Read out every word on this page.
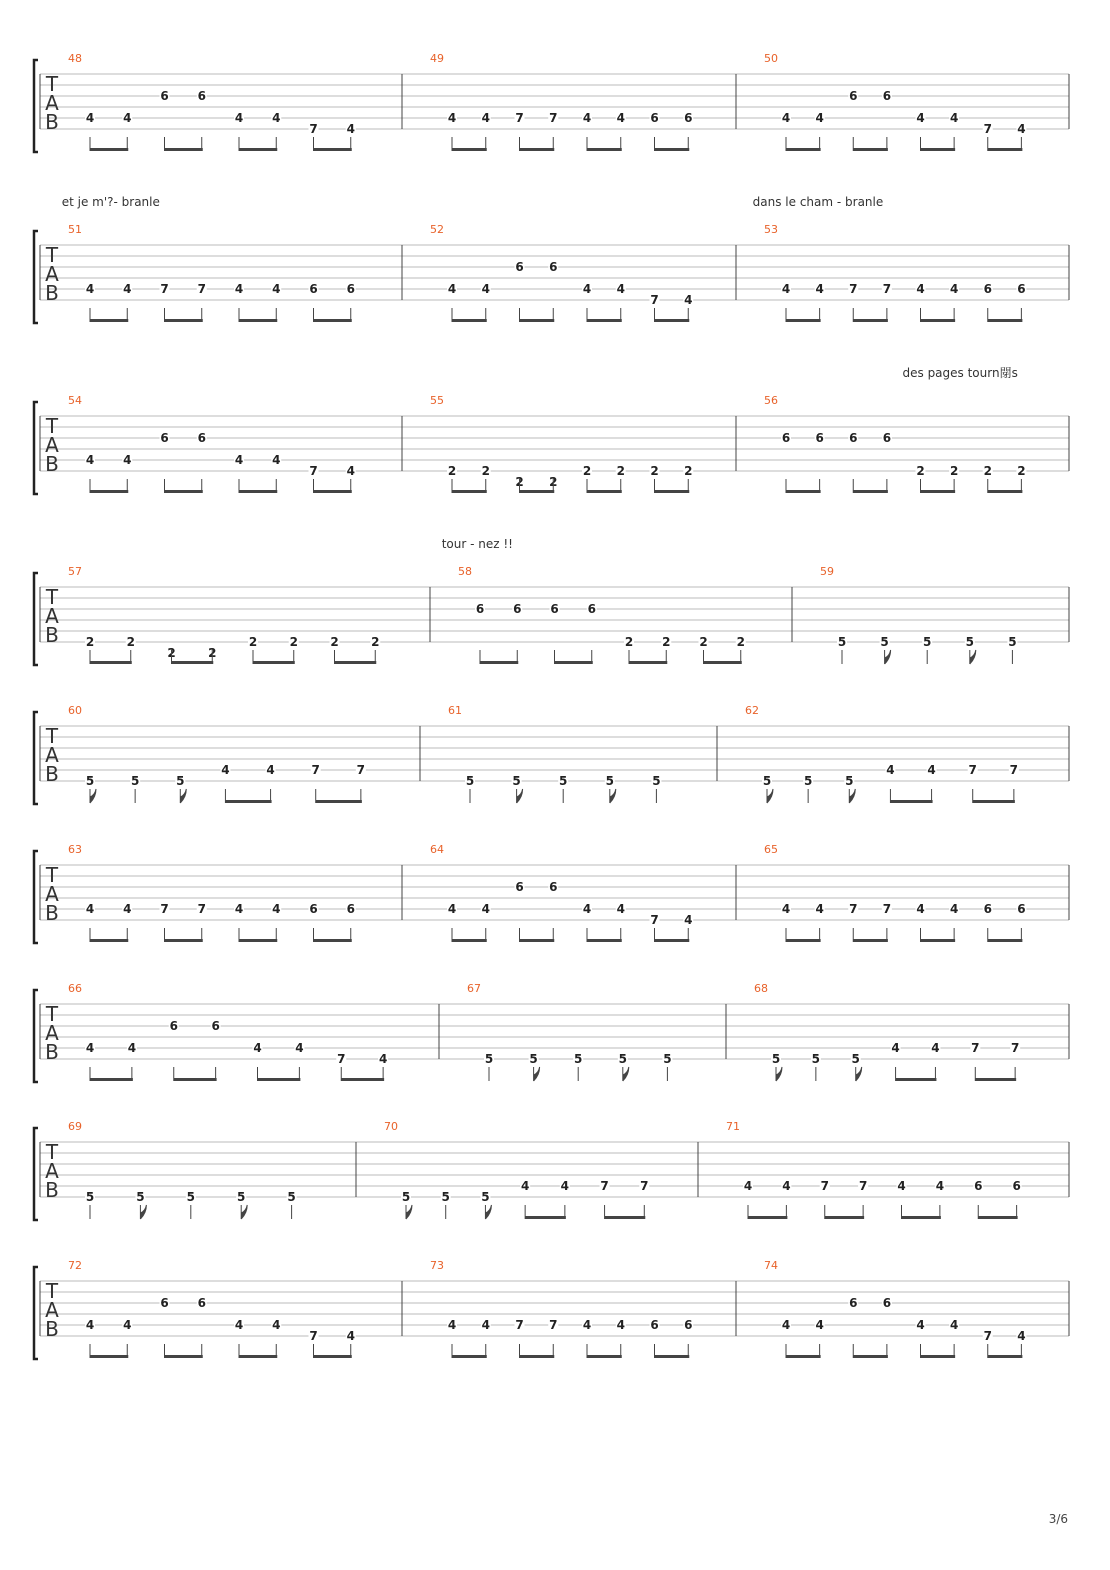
T
A
B
48
4 4
6 6
4 4
7 4
49
4 4 7 7 4 4 6 6
50
4 4
6 6
4 4
7 4
T
A
B
51
4 4 7 7 4 4 6 6
52
4 4
6 6
4 4
7 4
53
4 4 7 7 4 4 6 6
et je m'?- branle	dans le cham - branle
T
A
B
54
4 4
6 6
4 4
7 4
55
2 2
2 2
2 2 2 2
56
6 6 6 6
2 2 2 2
des pages tourn閕s
T
A
B
57
2	2
2	2
2	2	2	2
58
6 6 6 6
2 2 2 2
59
5	5	5	5	5
tour - nez !!
T
A
B
60
5	5	5
4	4	7	7
61
5	5	5	5	5
62
5	5	5
4	4	7	7
T
A
B
63
4 4 7 7 4 4 6 6
64
4 4
6 6
4 4
7 4
65
4 4 7 7 4 4 6 6
T
A
B
66
4	4
6	6
4	4
7	4
67
5	5	5	5	5
68
5	5	5
4	4	7	7
T
A
B
69
5	5	5	5	5
70
5	5	5
4	4	7	7
71
4	4	7	7	4	4	6	6
T
A
B
72
4 4
6 6
4 4
7 4
73
4 4 7 7 4 4 6 6
74
4 4
6 6
4 4
7 4
3/6
